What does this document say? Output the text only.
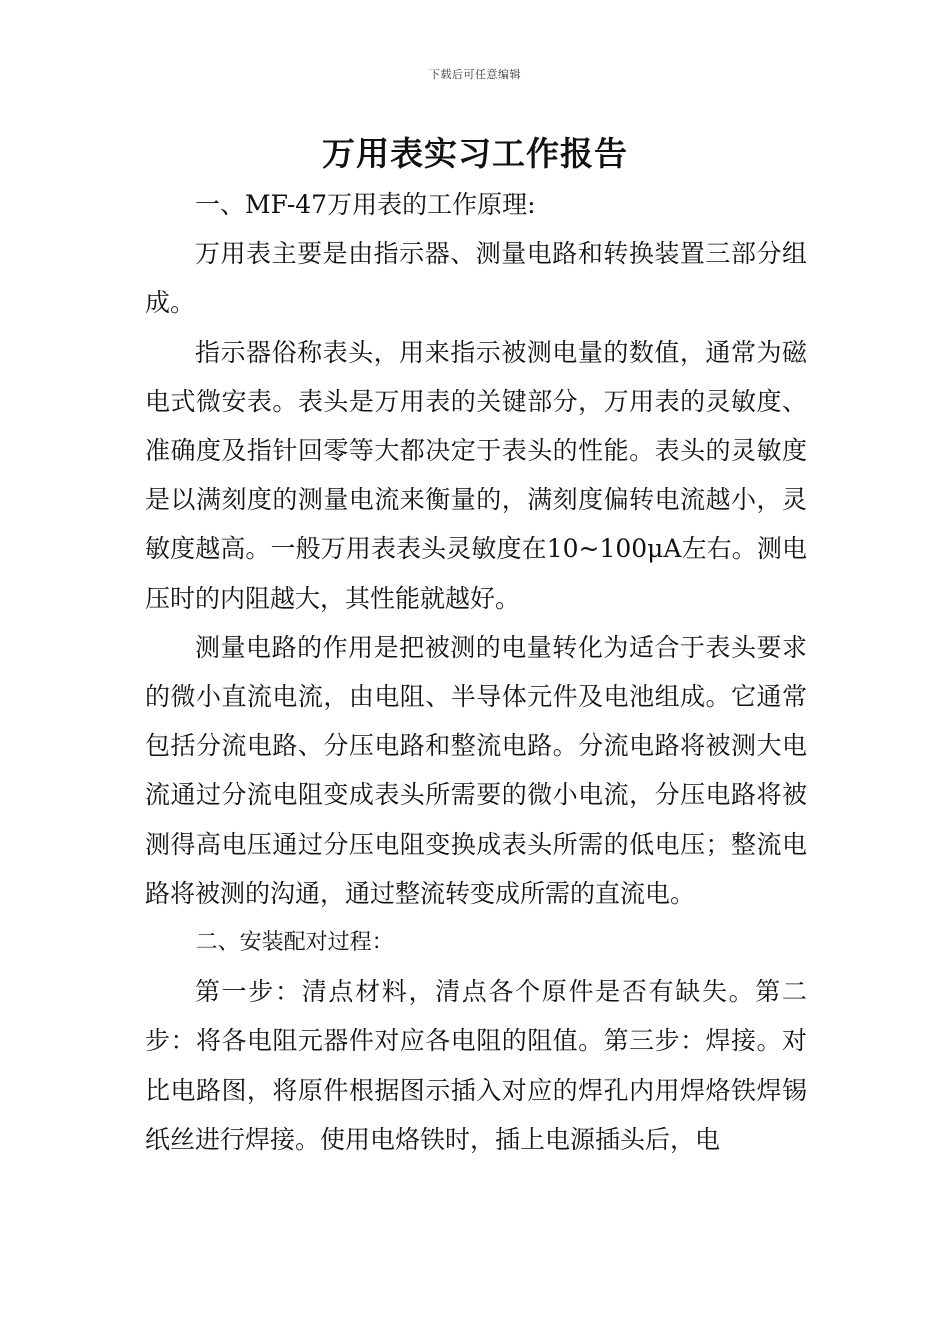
下载后可任意编辑
万用表实习工作报告

一、MF-47万用表的工作原理:

万用表主要是由指示器、测量电路和转换装置三部分组成。

指示器俗称表头，用来指示被测电量的数值，通常为磁电式微安表。表头是万用表的关键部分，万用表的灵敏度、准确度及指针回零等大都决定于表头的性能。表头的灵敏度是以满刻度的测量电流来衡量的，满刻度偏转电流越小，灵敏度越高。一般万用表表头灵敏度在10~100μA左右。测电压时的内阻越大，其性能就越好。

测量电路的作用是把被测的电量转化为适合于表头要求的微小直流电流，由电阻、半导体元件及电池组成。它通常包括分流电路、分压电路和整流电路。分流电路将被测大电流通过分流电阻变成表头所需要的微小电流，分压电路将被测得高电压通过分压电阻变换成表头所需的低电压；整流电路将被测的沟通，通过整流转变成所需的直流电。

二、安装配对过程：

第一步：清点材料，清点各个原件是否有缺失。第二步：将各电阻元器件对应各电阻的阻值。第三步：焊接。对比电路图，将原件根据图示插入对应的焊孔内用焊烙铁焊锡纸丝进行焊接。使用电烙铁时，插上电源插头后，电
